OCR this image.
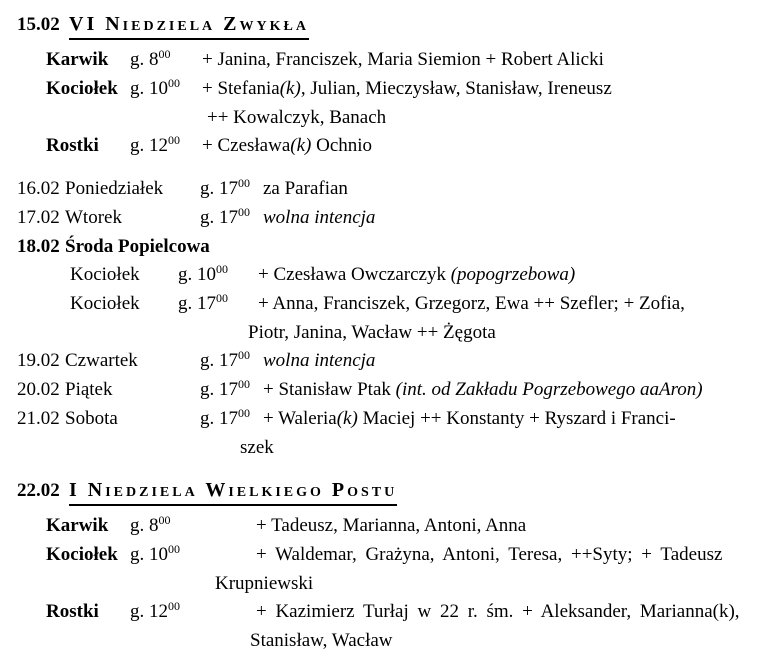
15.02 VI Niedziela Zwykła
Karwik	g. $8^{00}$	+ Janina, Franciszek, Maria Siemion + Robert Alicki
Kociołek g. $10^{00}$	+ Stefania(k), Julian, Mieczysław, Stanisław, Ireneusz
++ Kowalczyk, Banach
Rostki	g. $12^{00}$	+ Czesława(k) Ochnio
16.02 Poniedziałek	g. $17^{00}$ za Parafian
17.02 Wtorek	g. $17^{00}$ wolna intencja
18.02 Środa Popielcowa
Kociołek	g. $10^{00}$	+ Czesława Owczarczyk (popogrzebowa)
Kociołek	g. $17^{00}$	+ Anna, Franciszek, Grzegorz, Ewa ++ Szefler; + Zofia,
Piotr, Janina, Wacław ++ Żęgota
19.02 Czwartek	g. $17^{00}$ wolna intencja
20.02 Piątek	g. $17^{00}$ + Stanisław Ptak (int. od Zakładu Pogrzebowego aaAron)
21.02 Sobota	g. $17^{00}$ + Waleria(k) Maciej ++ Konstanty + Ryszard i Franci-
szek
22.02 I Niedziela Wielkiego Postu
Karwik	g. $8^{00}$	+ Tadeusz, Marianna, Antoni, Anna
Kociołek g. $10^{00}$	+ Waldemar, Grażyna, Antoni, Teresa, ++Syty; + Tadeusz
Krupniewski
Rostki	g. $12^{00}$	+ Kazimierz Turłaj w 22 r. śm. + Aleksander, Marianna(k),
Stanisław, Wacław
